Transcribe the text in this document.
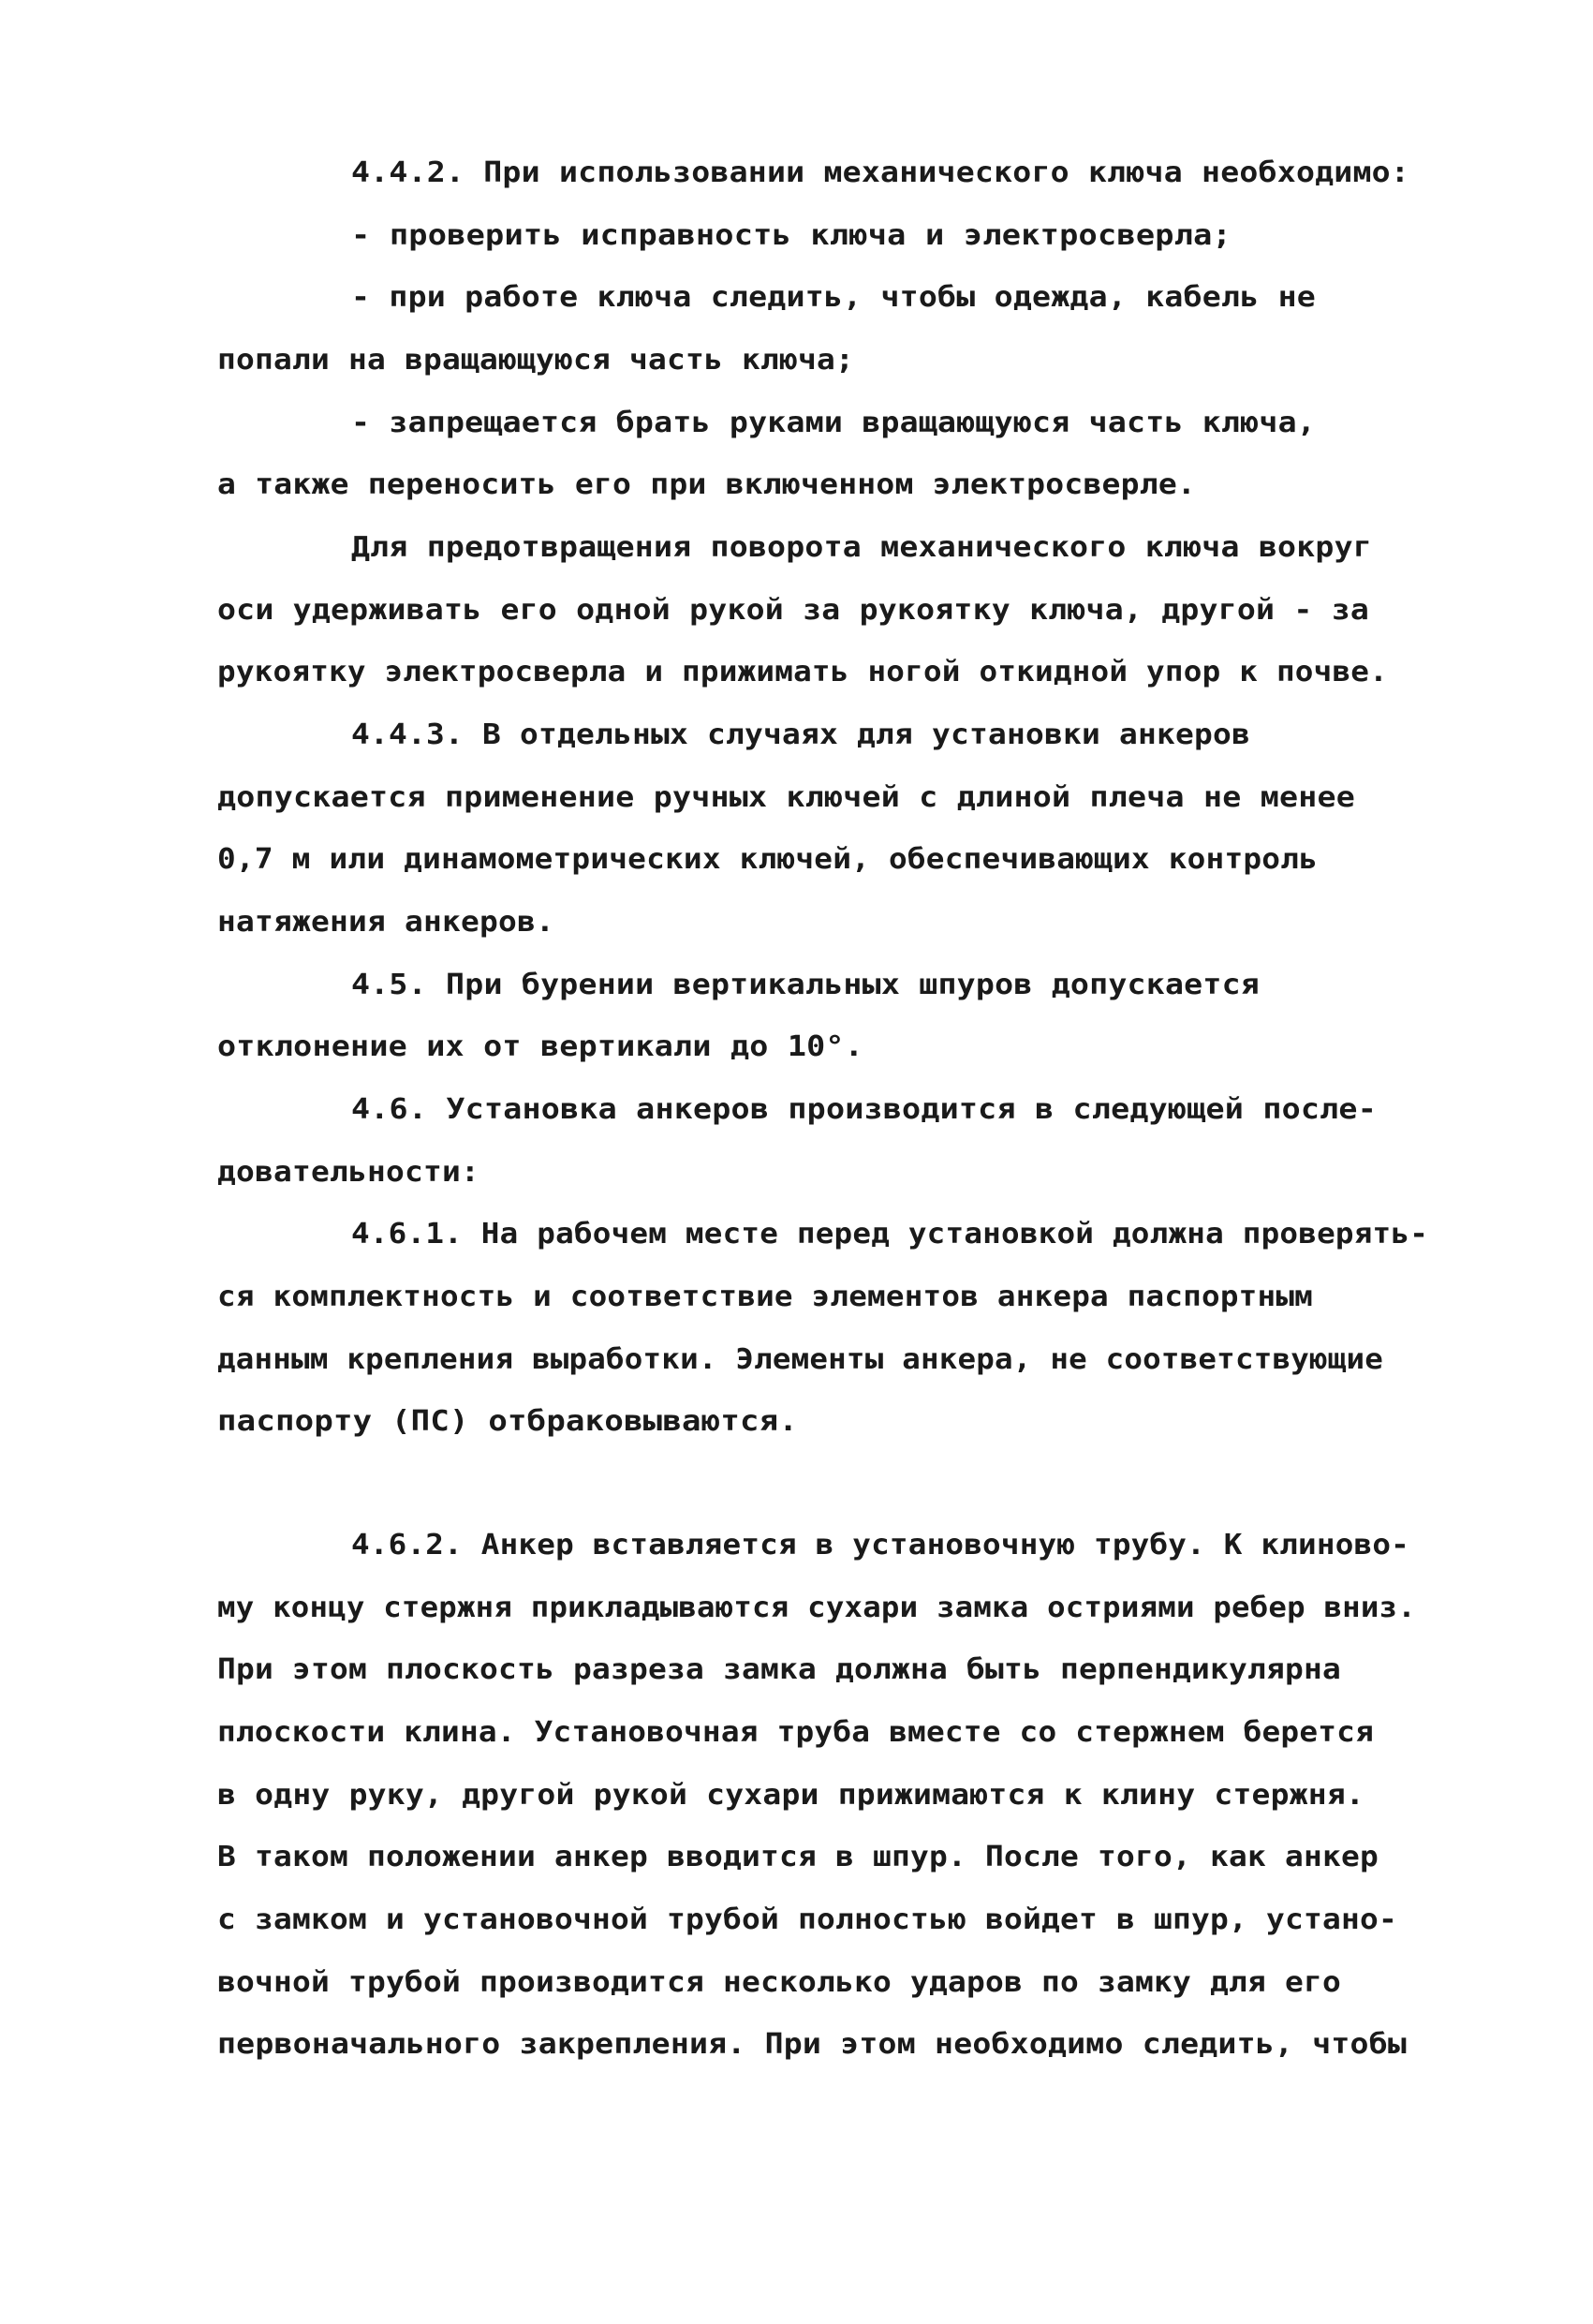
4.4.2. При использовании механического ключа необходимо:
- проверить исправность ключа и электросверла;
- при работе ключа следить, чтобы одежда, кабель не
попали на вращающуюся часть ключа;
- запрещается брать руками вращающуюся часть ключа,
а также переносить его при включенном электросверле.
Для предотвращения поворота механического ключа вокруг
оси удерживать его одной рукой за рукоятку ключа, другой - за
рукоятку электросверла и прижимать ногой откидной упор к почве.
4.4.3. В отдельных случаях для установки анкеров
допускается применение ручных ключей с длиной плеча не менее
0,7 м или динамометрических ключей, обеспечивающих контроль
натяжения анкеров.
4.5. При бурении вертикальных шпуров допускается
отклонение их от вертикали до 10°.
4.6. Установка анкеров производится в следующей после-
довательности:
4.6.1. На рабочем месте перед установкой должна проверять-
ся комплектность и соответствие элементов анкера паспортным
данным крепления выработки. Элементы анкера, не соответствующие
паспорту (ПС) отбраковываются.
4.6.2. Анкер вставляется в установочную трубу. К клиново-
му концу стержня прикладываются сухари замка остриями ребер вниз.
При этом плоскость разреза замка должна быть перпендикулярна
плоскости клина. Установочная труба вместе со стержнем берется
в одну руку, другой рукой сухари прижимаются к клину стержня.
В таком положении анкер вводится в шпур. После того, как анкер
с замком и установочной трубой полностью войдет в шпур, устано-
вочной трубой производится несколько ударов по замку для его
первоначального закрепления. При этом необходимо следить, чтобы
